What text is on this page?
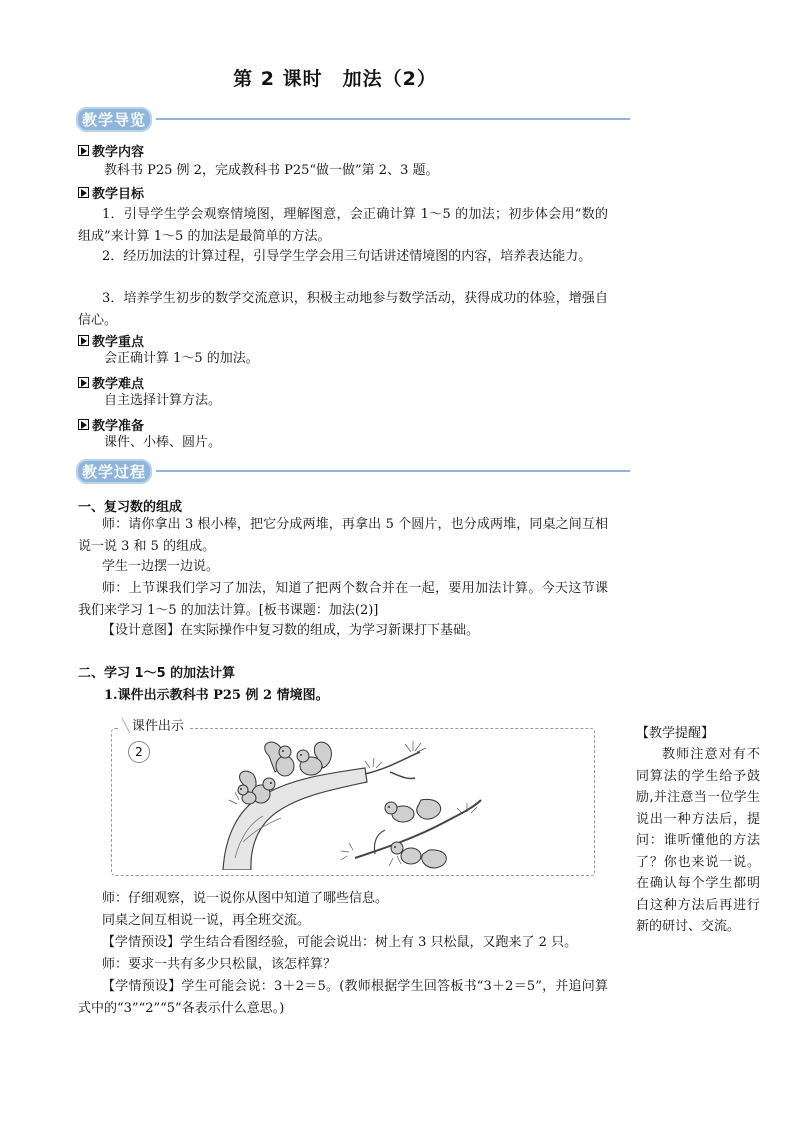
第 2 课时　加法（2）
教学导览
教学内容
教科书 P25 例 2，完成教科书 P25“做一做”第 2、3 题。
教学目标
1．引导学生学会观察情境图，理解图意，会正确计算 1～5 的加法；初步体会用“数的组成”来计算 1～5 的加法是最简单的方法。
2．经历加法的计算过程，引导学生学会用三句话讲述情境图的内容，培养表达能力。
3．培养学生初步的数学交流意识，积极主动地参与数学活动，获得成功的体验，增强自信心。
教学重点
会正确计算 1～5 的加法。
教学难点
自主选择计算方法。
教学准备
课件、小棒、圆片。
教学过程
一、复习数的组成
师：请你拿出 3 根小棒，把它分成两堆，再拿出 5 个圆片，也分成两堆，同桌之间互相说一说 3 和 5 的组成。
学生一边摆一边说。
师：上节课我们学习了加法，知道了把两个数合并在一起，要用加法计算。今天这节课我们来学习 1～5 的加法计算。[板书课题：加法(2)]
【设计意图】在实际操作中复习数的组成，为学习新课打下基础。
二、学习 1～5 的加法计算
1.课件出示教科书 P25 例 2 情境图。
╲ 课件出示
2
师：仔细观察，说一说你从图中知道了哪些信息。
同桌之间互相说一说，再全班交流。
【学情预设】学生结合看图经验，可能会说出：树上有 3 只松鼠，又跑来了 2 只。
师：要求一共有多少只松鼠，该怎样算？
【学情预设】学生可能会说：3＋2＝5。(教师根据学生回答板书“3＋2＝5”，并追问算式中的“3”“2”“5”各表示什么意思。)
【教学提醒】
教师注意对有不同算法的学生给予鼓励,并注意当一位学生说出一种方法后，提问：谁听懂他的方法了？你也来说一说。在确认每个学生都明白这种方法后再进行新的研讨、交流。
